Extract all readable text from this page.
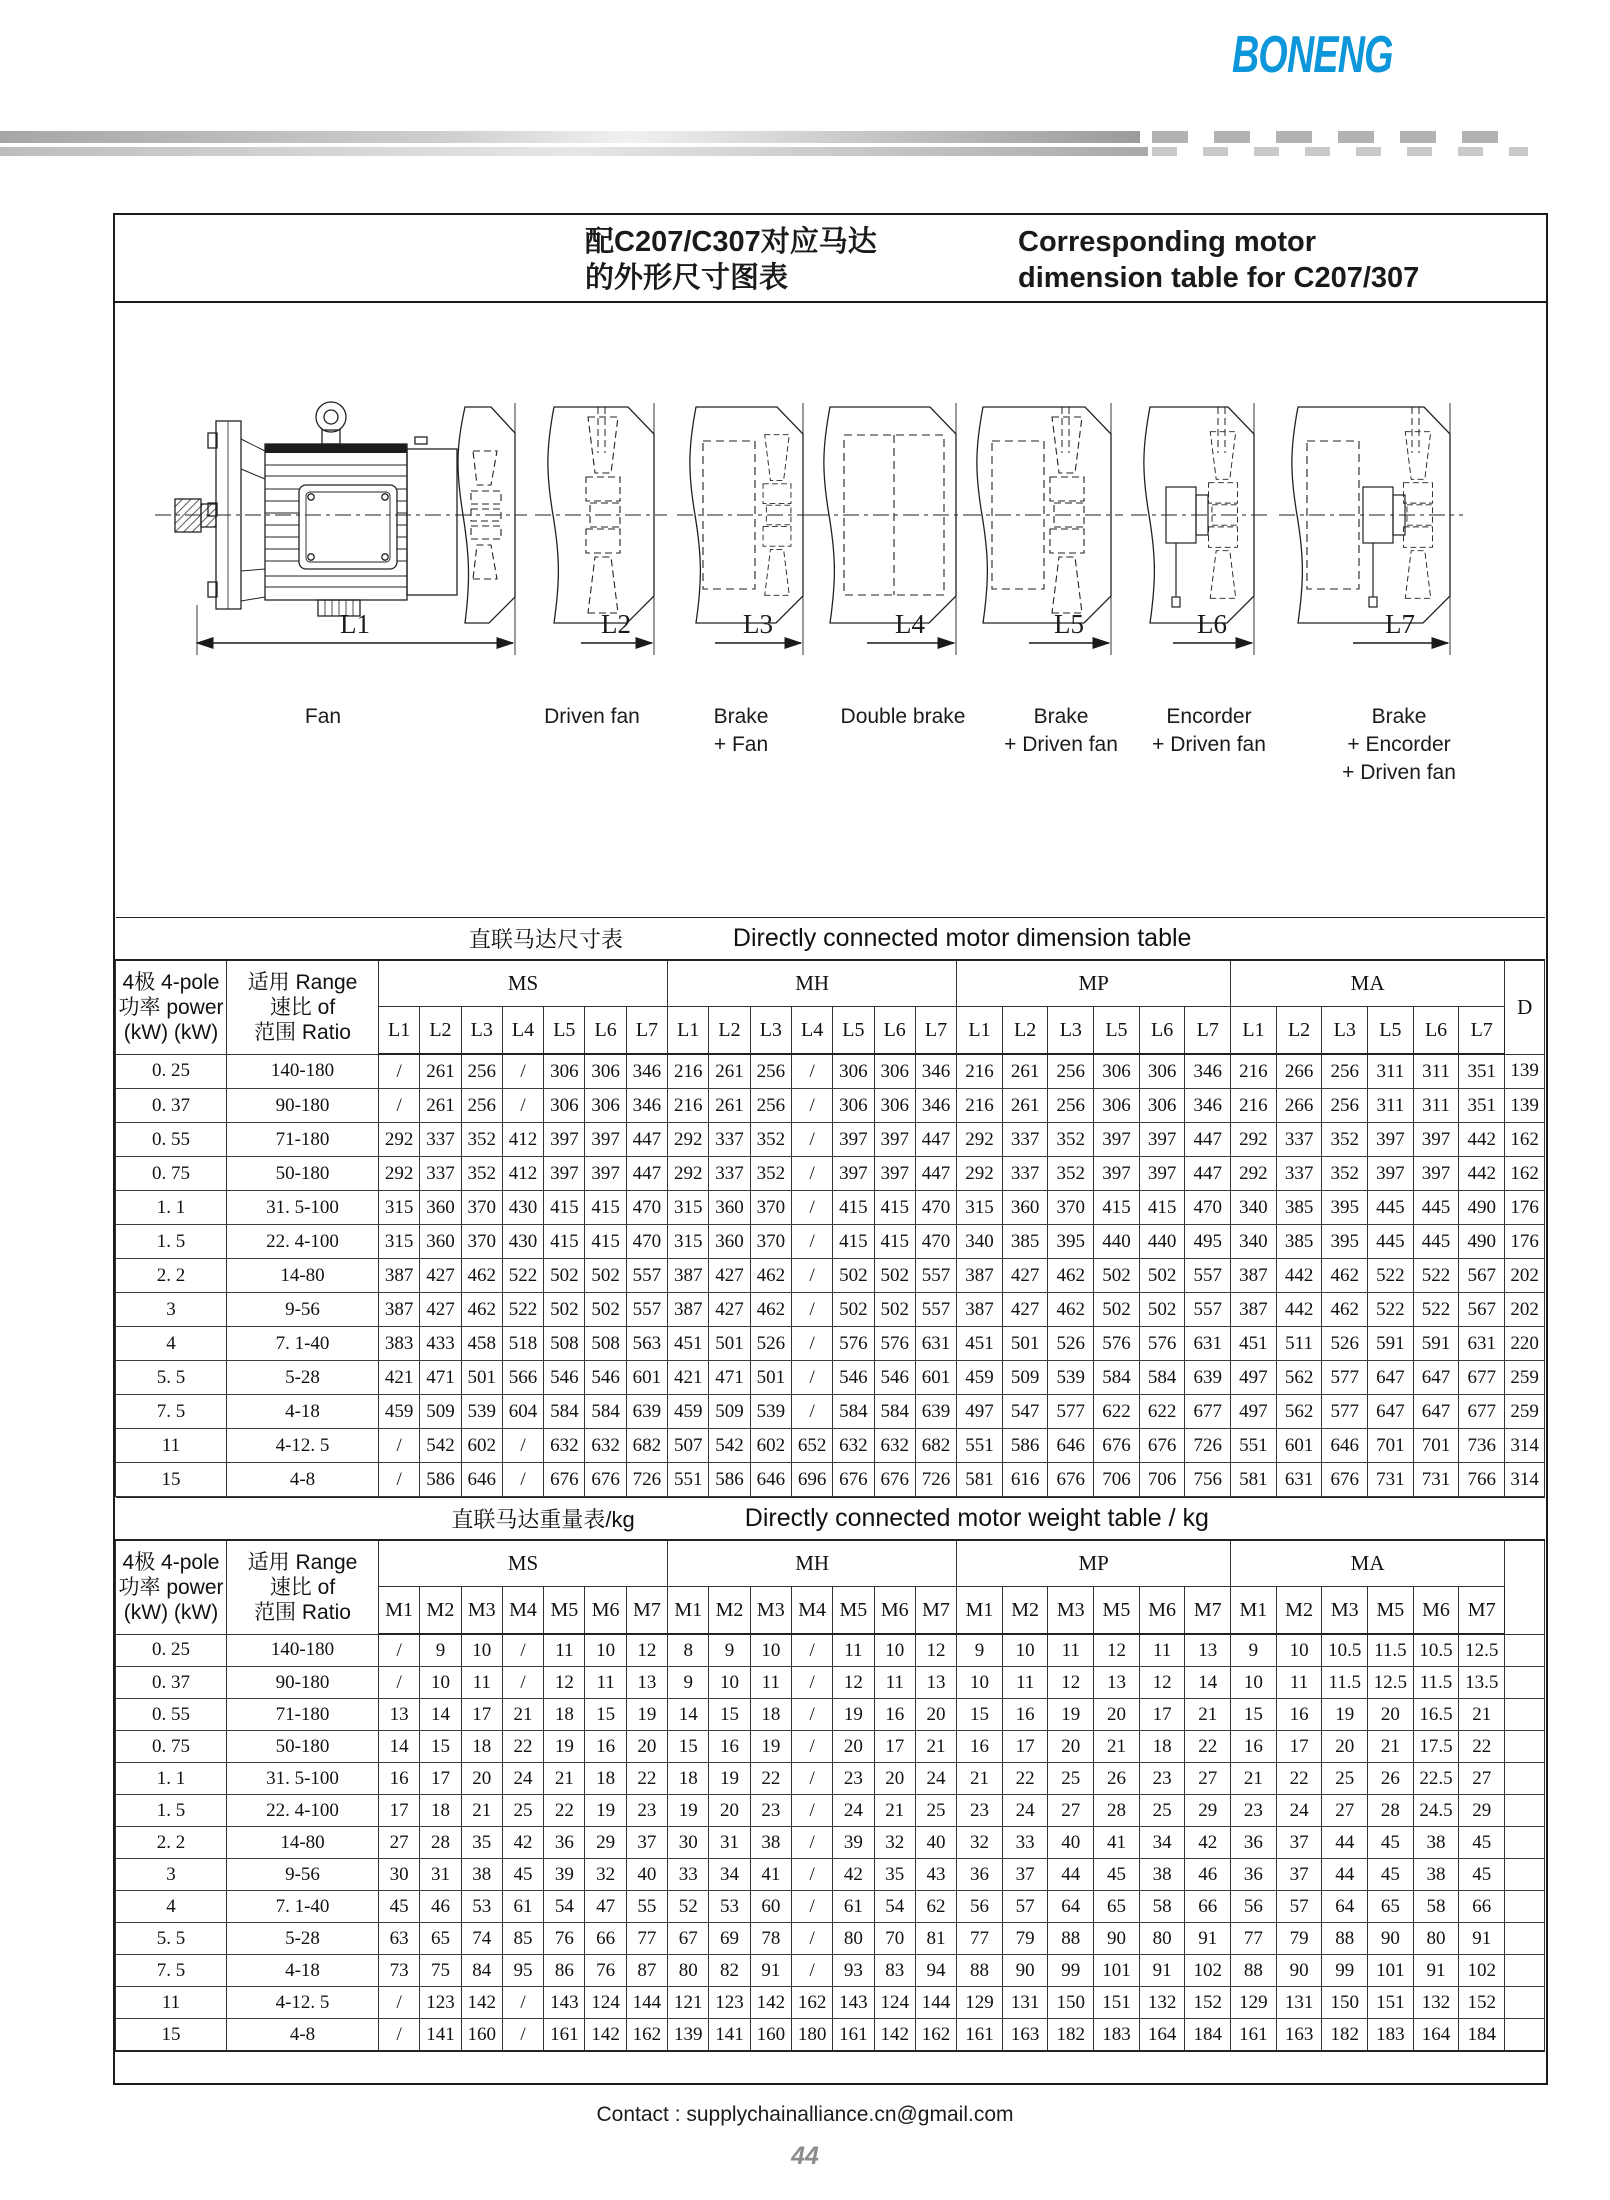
BONENG
配C207/C307对应马达
的外形尺寸图表
Corresponding motor
dimension table for C207/307
L1	L2	L3	L4	L5	L6	L7
Fan	Driven fan	Brake
+ Fan
Double brake	Brake
+ Driven fan
Encorder
+ Driven fan
Brake
+ Encorder
+ Driven fan
直联马达尺寸表 Directly connected motor dimension table																												

4极 4-pole
功率 power
(kW) (kW)

适用 Range
速比 of
范围 Ratio
	MS	MH	MP	MA	D
		L1	L2	L3	L4	L5	L6	L7	L1	L2	L3	L4	L5	L6	L7	L1	L2	L3	L5	L6	L7	L1	L2	L3	L5	L6	L7	
0. 25	140-180	/	261	256	/	306	306	346	216	261	256	/	306	306	346	216	261	256	306	306	346	216	266	256	311	311	351	139
0. 37	90-180	/	261	256	/	306	306	346	216	261	256	/	306	306	346	216	261	256	306	306	346	216	266	256	311	311	351	139
0. 55	71-180	292	337	352	412	397	397	447	292	337	352	/	397	397	447	292	337	352	397	397	447	292	337	352	397	397	442	162
0. 75	50-180	292	337	352	412	397	397	447	292	337	352	/	397	397	447	292	337	352	397	397	447	292	337	352	397	397	442	162
1. 1	31. 5-100	315	360	370	430	415	415	470	315	360	370	/	415	415	470	315	360	370	415	415	470	340	385	395	445	445	490	176
1. 5	22. 4-100	315	360	370	430	415	415	470	315	360	370	/	415	415	470	340	385	395	440	440	495	340	385	395	445	445	490	176
2. 2	14-80	387	427	462	522	502	502	557	387	427	462	/	502	502	557	387	427	462	502	502	557	387	442	462	522	522	567	202
3	9-56	387	427	462	522	502	502	557	387	427	462	/	502	502	557	387	427	462	502	502	557	387	442	462	522	522	567	202
4	7. 1-40	383	433	458	518	508	508	563	451	501	526	/	576	576	631	451	501	526	576	576	631	451	511	526	591	591	631	220
5. 5	5-28	421	471	501	566	546	546	601	421	471	501	/	546	546	601	459	509	539	584	584	639	497	562	577	647	647	677	259
7. 5	4-18	459	509	539	604	584	584	639	459	509	539	/	584	584	639	497	547	577	622	622	677	497	562	577	647	647	677	259
11	4-12. 5	/	542	602	/	632	632	682	507	542	602	652	632	632	682	551	586	646	676	676	726	551	601	646	701	701	736	314
15	4-8	/	586	646	/	676	676	726	551	586	646	696	676	676	726	581	616	676	706	706	756	581	631	676	731	731	766	314
直联马达重量表/kg Directly connected motor weight table / kg																												

4极 4-pole
功率 power
(kW) (kW)

适用 Range
速比 of
范围 Ratio
	MS	MH	MP	MA	
		M1	M2	M3	M4	M5	M6	M7	M1	M2	M3	M4	M5	M6	M7	M1	M2	M3	M5	M6	M7	M1	M2	M3	M5	M6	M7	
0. 25	140-180	/	9	10	/	11	10	12	8	9	10	/	11	10	12	9	10	11	12	11	13	9	10	10.5	11.5	10.5	12.5	
0. 37	90-180	/	10	11	/	12	11	13	9	10	11	/	12	11	13	10	11	12	13	12	14	10	11	11.5	12.5	11.5	13.5	
0. 55	71-180	13	14	17	21	18	15	19	14	15	18	/	19	16	20	15	16	19	20	17	21	15	16	19	20	16.5	21	
0. 75	50-180	14	15	18	22	19	16	20	15	16	19	/	20	17	21	16	17	20	21	18	22	16	17	20	21	17.5	22	
1. 1	31. 5-100	16	17	20	24	21	18	22	18	19	22	/	23	20	24	21	22	25	26	23	27	21	22	25	26	22.5	27	
1. 5	22. 4-100	17	18	21	25	22	19	23	19	20	23	/	24	21	25	23	24	27	28	25	29	23	24	27	28	24.5	29	
2. 2	14-80	27	28	35	42	36	29	37	30	31	38	/	39	32	40	32	33	40	41	34	42	36	37	44	45	38	45	
3	9-56	30	31	38	45	39	32	40	33	34	41	/	42	35	43	36	37	44	45	38	46	36	37	44	45	38	45	
4	7. 1-40	45	46	53	61	54	47	55	52	53	60	/	61	54	62	56	57	64	65	58	66	56	57	64	65	58	66	
5. 5	5-28	63	65	74	85	76	66	77	67	69	78	/	80	70	81	77	79	88	90	80	91	77	79	88	90	80	91	
7. 5	4-18	73	75	84	95	86	76	87	80	82	91	/	93	83	94	88	90	99	101	91	102	88	90	99	101	91	102	
11	4-12. 5	/	123	142	/	143	124	144	121	123	142	162	143	124	144	129	131	150	151	132	152	129	131	150	151	132	152	
15	4-8	/	141	160	/	161	142	162	139	141	160	180	161	142	162	161	163	182	183	164	184	161	163	182	183	164	184	
Contact : supplychainalliance.cn@gmail.com
44
